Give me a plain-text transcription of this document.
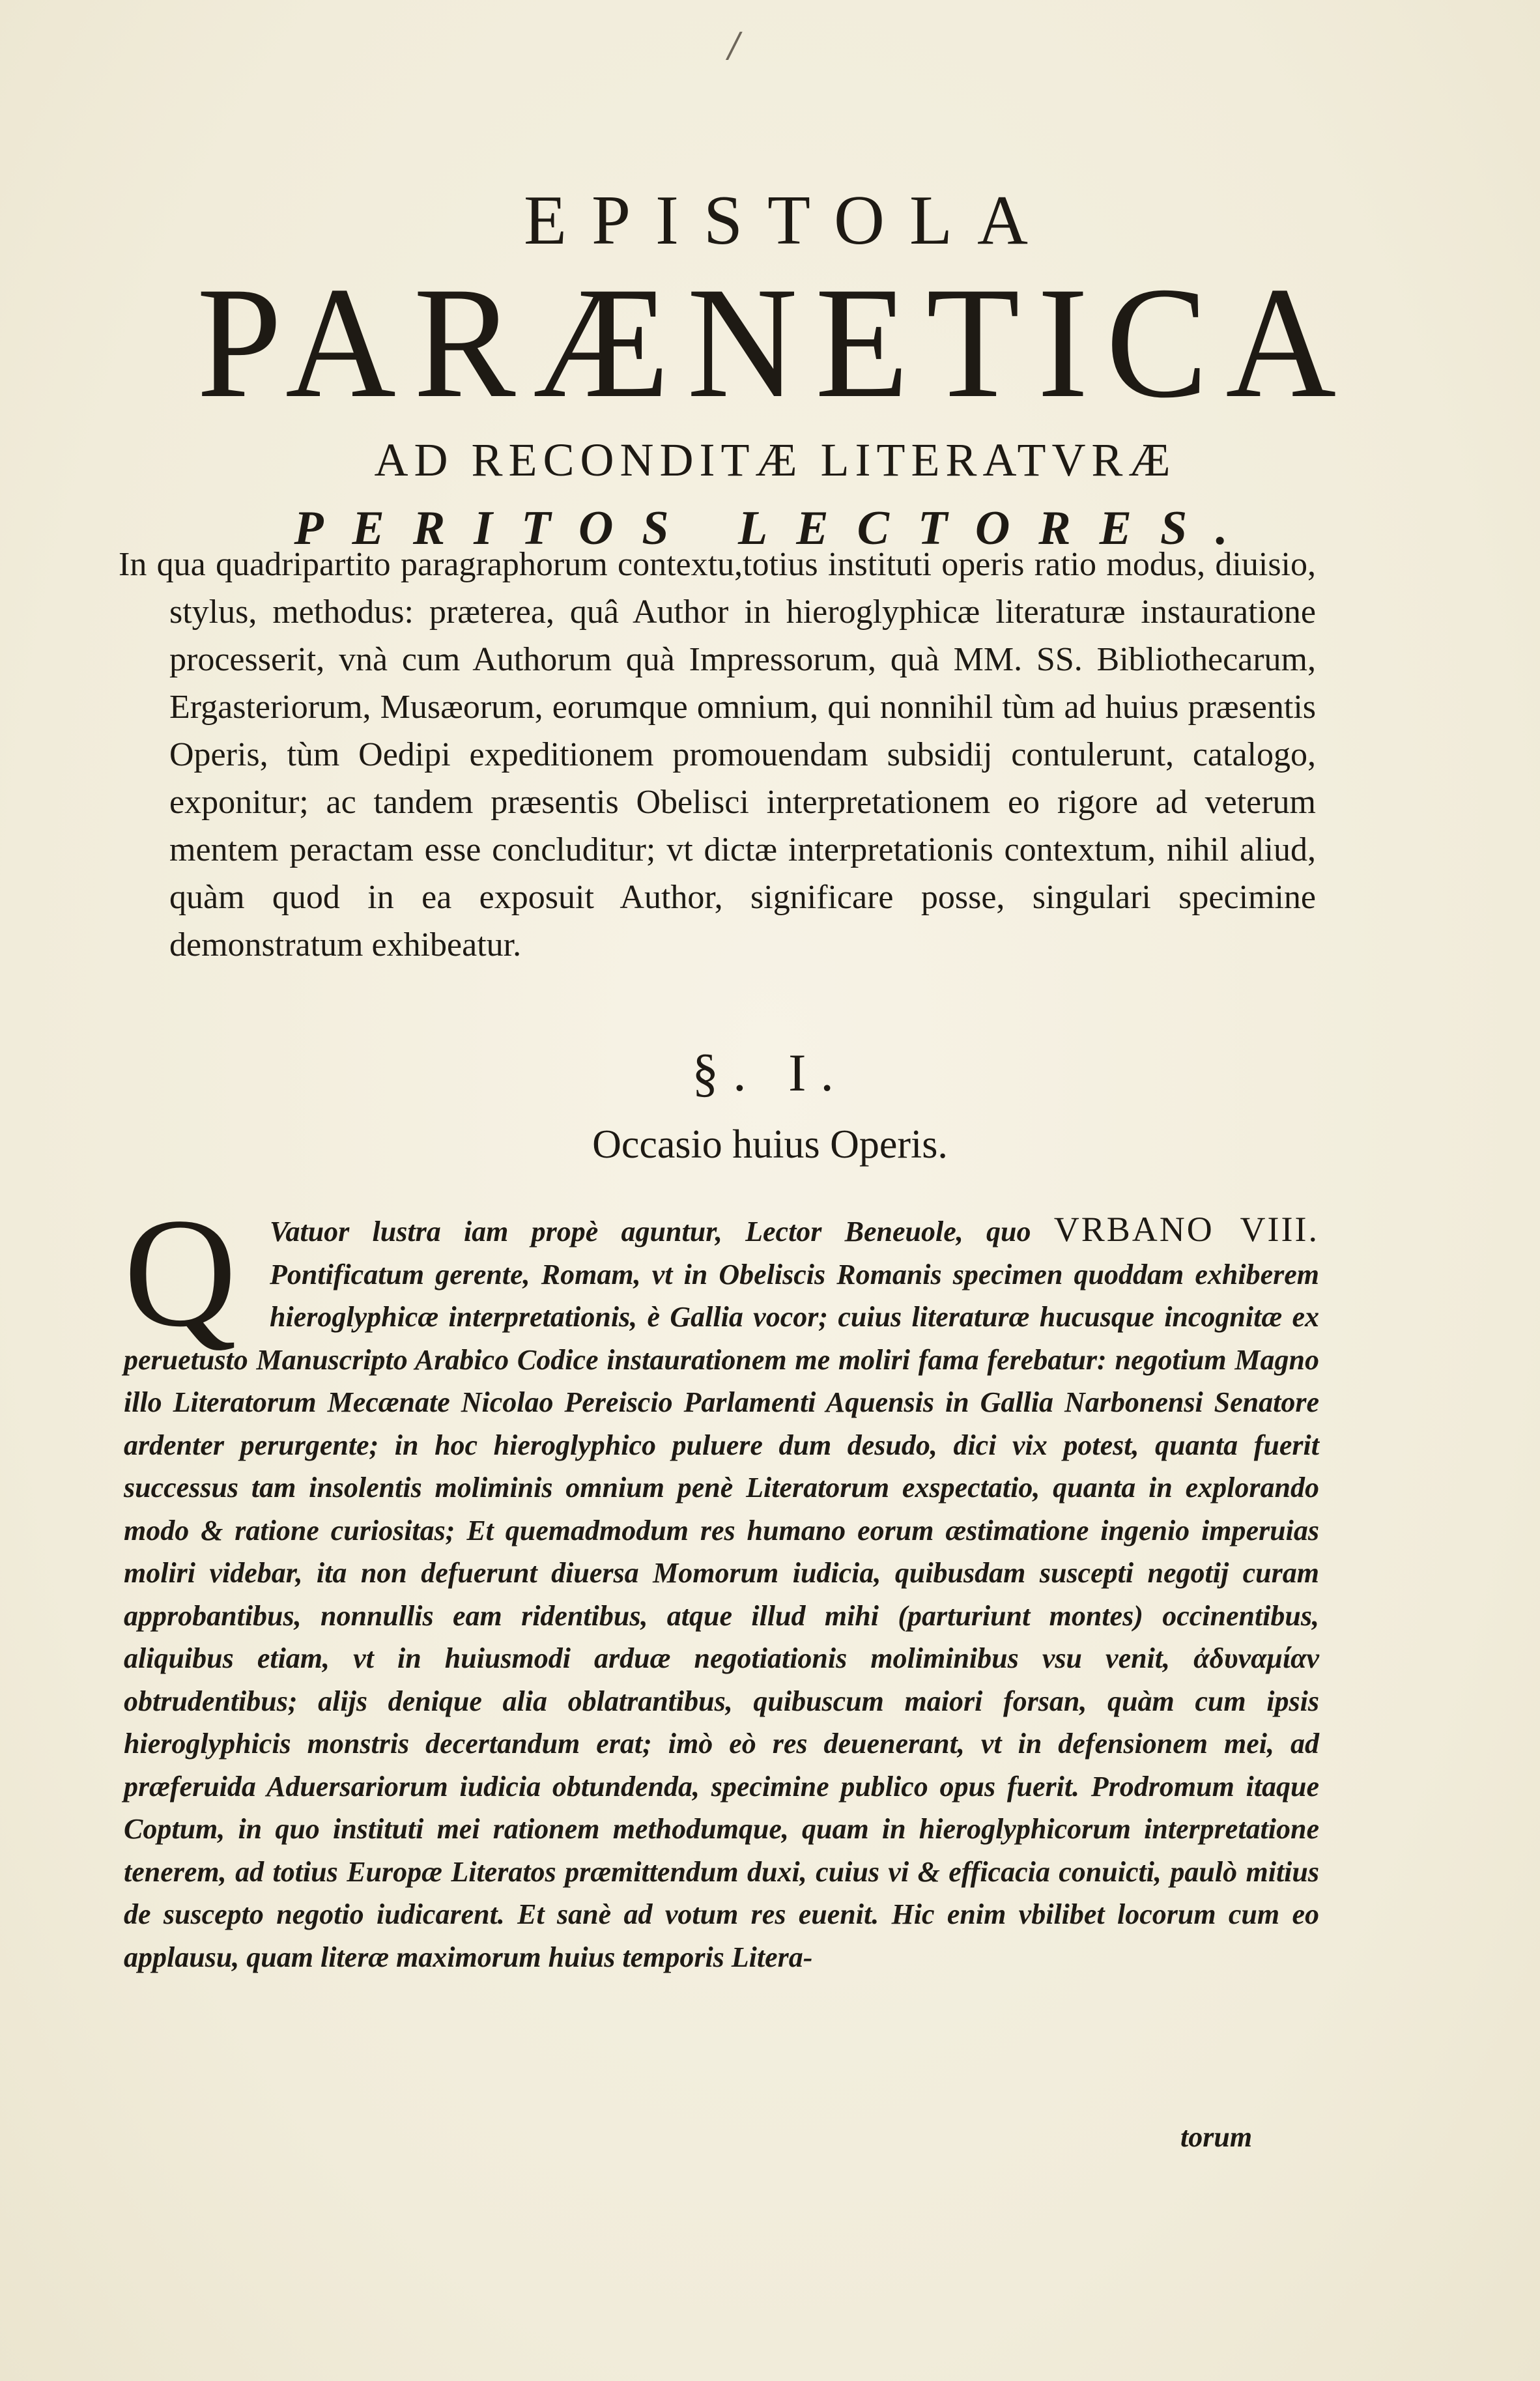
/
EPISTOLA
PARÆNETICA
AD RECONDITÆ LITERATVRÆ
PERITOS LECTORES.
In qua quadripartito paragraphorum contextu,totius instituti operis ratio modus, diuisio, stylus, methodus: præterea, quâ Author in hieroglyphicæ literaturæ instauratione processerit, vnà cum Authorum quà Impressorum, quà MM. SS. Bibliothecarum, Ergasteriorum, Musæorum, eorumque omnium, qui nonnihil tùm ad huius præsentis Operis, tùm Oedipi expeditionem promouendam subsidij contulerunt, catalogo, exponitur; ac tandem præsentis Obelisci interpretationem eo rigore ad veterum mentem peractam esse concluditur; vt dictæ interpretationis contextum, nihil aliud, quàm quod in ea exposuit Author, significare posse, singulari specimine demonstratum exhibeatur.
§. I.
Occasio huius Operis.
Q	Vatuor lustra iam propè aguntur, Lector Beneuole, quo VRBANO VIII. Pontificatum gerente, Romam, vt in Obeliscis Romanis specimen quoddam exhiberem hieroglyphicæ interpretationis, è Gallia vocor; cuius literaturæ hucusque incognitæ ex peruetusto Manuscripto Arabico Codice instaurationem me moliri fama ferebatur: negotium Magno illo Literatorum Mecænate Nicolao Pereiscio Parlamenti Aquensis in Gallia Narbonensi Senatore ardenter perurgente; in hoc hieroglyphico puluere dum desudo, dici vix potest, quanta fuerit successus tam insolentis moliminis omnium penè Literatorum exspectatio, quanta in explorando modo & ratione curiositas; Et quemadmodum res humano eorum æstimatione ingenio imperuias moliri videbar, ita non defuerunt diuersa Momorum iudicia, quibusdam suscepti negotij curam approbantibus, nonnullis eam ridentibus, atque illud mihi (parturiunt montes) occinentibus, aliquibus etiam, vt in huiusmodi arduæ negotiationis moliminibus vsu venit, ἀδυναμίαν obtrudentibus; alijs denique alia oblatrantibus, quibuscum maiori forsan, quàm cum ipsis hieroglyphicis monstris decertandum erat; imò eò res deuenerant, vt in defensionem mei, ad præferuida Aduersariorum iudicia obtundenda, specimine publico opus fuerit. Prodromum itaque Coptum, in quo instituti mei rationem methodumque, quam in hieroglyphicorum interpretatione tenerem, ad totius Europæ Literatos præmittendum duxi, cuius vi & efficacia conuicti, paulò mitius de suscepto negotio iudicarent. Et sanè ad votum res euenit. Hic enim vbilibet locorum cum eo applausu, quam literæ maximorum huius temporis Litera-
torum
